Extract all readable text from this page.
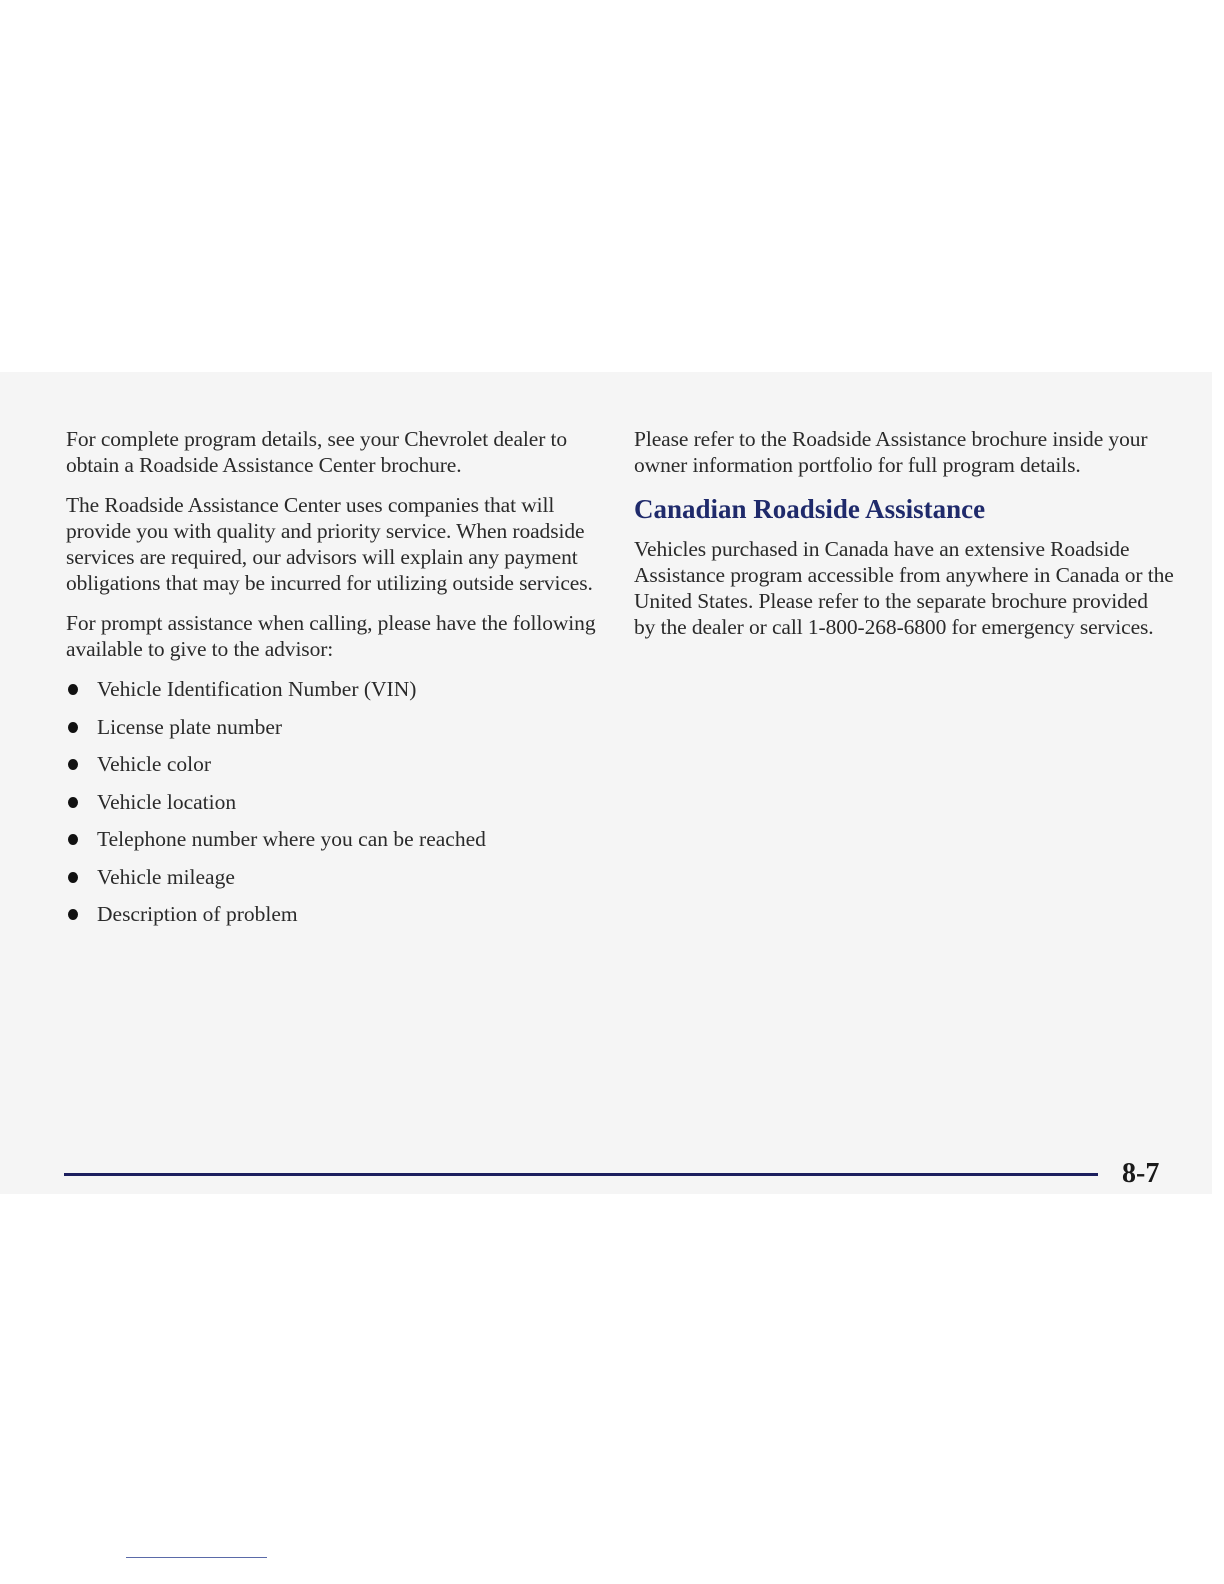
For complete program details, see your Chevrolet dealer to obtain a Roadside Assistance Center brochure.

The Roadside Assistance Center uses companies that will provide you with quality and priority service. When roadside services are required, our advisors will explain any payment obligations that may be incurred for utilizing outside services.

For prompt assistance when calling, please have the following available to give to the advisor:

Vehicle Identification Number (VIN)
License plate number
Vehicle color
Vehicle location
Telephone number where you can be reached
Vehicle mileage
Description of problem

Please refer to the Roadside Assistance brochure inside your owner information portfolio for full program details.

Canadian Roadside Assistance

Vehicles purchased in Canada have an extensive Roadside Assistance program accessible from anywhere in Canada or the United States. Please refer to the separate brochure provided by the dealer or call 1-800-268-6800 for emergency services.

8-7
